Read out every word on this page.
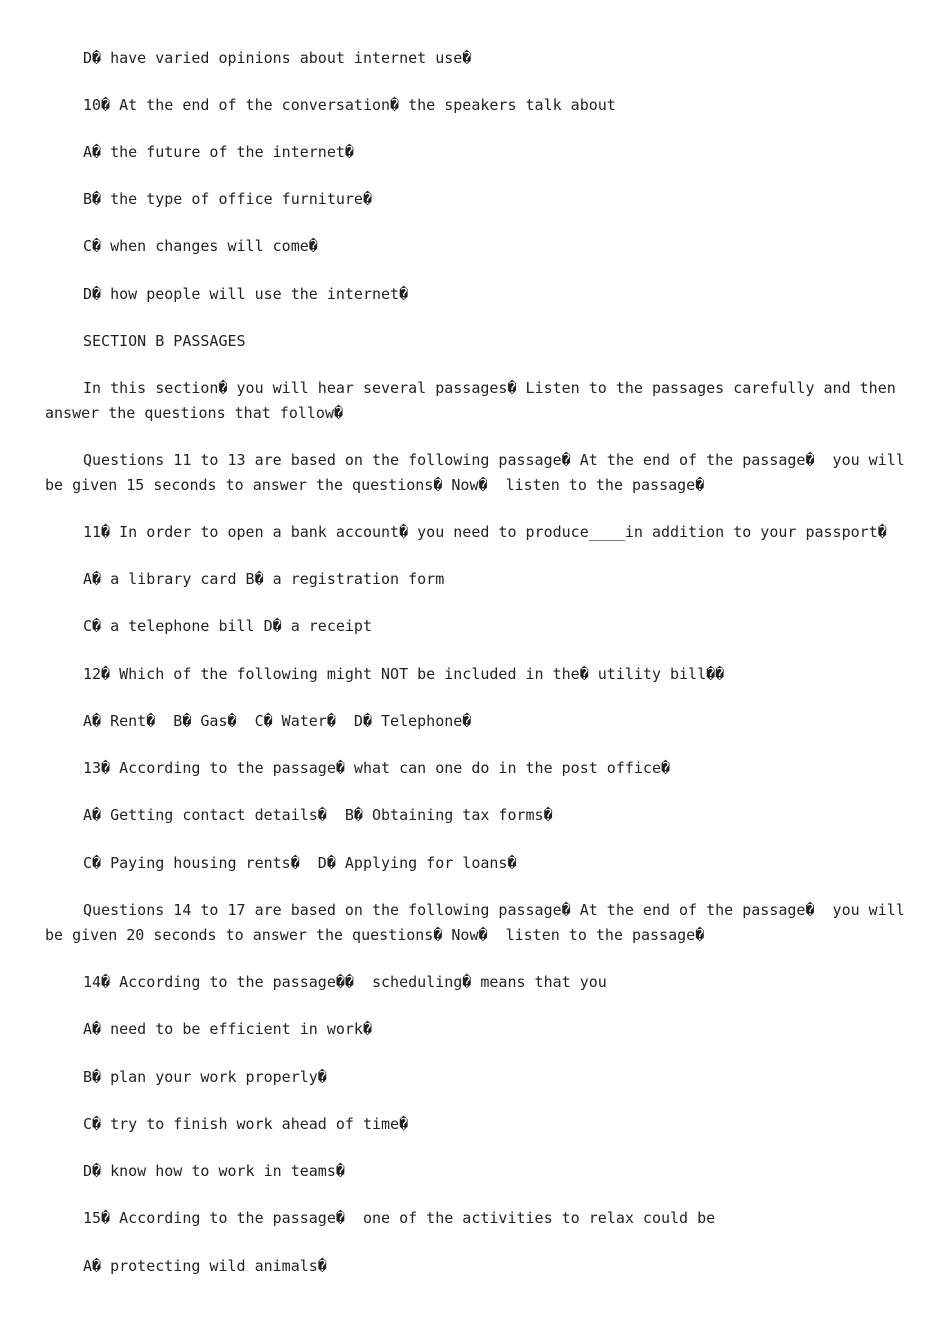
D� have varied opinions about internet use�
10� At the end of the conversation� the speakers talk about
A� the future of the internet�
B� the type of office furniture�
C� when changes will come�
D� how people will use the internet�
SECTION B PASSAGES
In this section� you will hear several passages� Listen to the passages carefully and then answer the questions that follow�
Questions 11 to 13 are based on the following passage� At the end of the passage�  you will be given 15 seconds to answer the questions� Now�  listen to the passage�
11� In order to open a bank account� you need to produce____in addition to your passport�
A� a library card B� a registration form
C� a telephone bill D� a receipt
12� Which of the following might NOT be included in the� utility bill��
A� Rent�  B� Gas�  C� Water�  D� Telephone�
13� According to the passage� what can one do in the post office�
A� Getting contact details�  B� Obtaining tax forms�
C� Paying housing rents�  D� Applying for loans�
Questions 14 to 17 are based on the following passage� At the end of the passage�  you will be given 20 seconds to answer the questions� Now�  listen to the passage�
14� According to the passage��  scheduling� means that you
A� need to be efficient in work�
B� plan your work properly�
C� try to finish work ahead of time�
D� know how to work in teams�
15� According to the passage�  one of the activities to relax could be
A� protecting wild animals�
